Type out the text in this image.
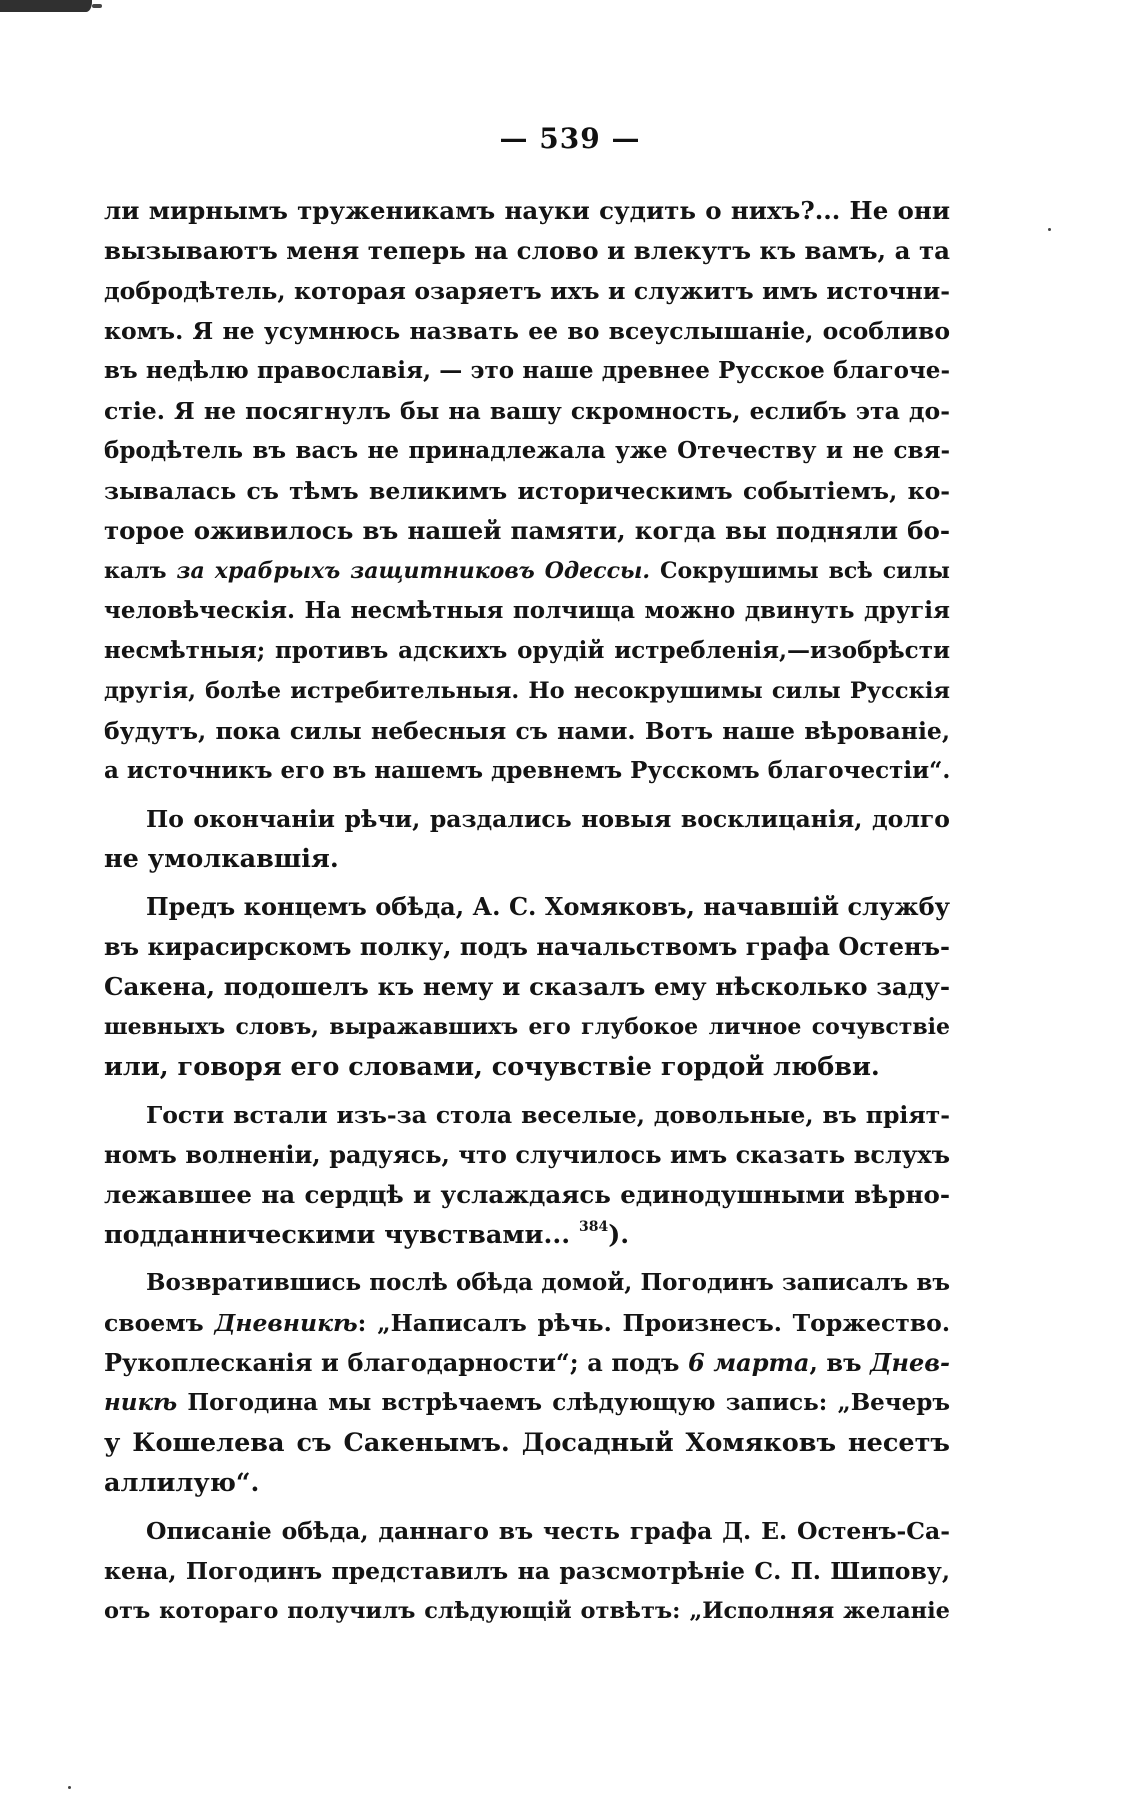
— 539 —
ли мирнымъ труженикамъ науки судить о нихъ?... Не они
вызываютъ меня теперь на слово и влекутъ къ вамъ, а та
добродѣтель, которая озаряетъ ихъ и служитъ имъ источни-
комъ. Я не усумнюсь назвать ее во всеуслышаніе, особливо
въ недѣлю православія, — это наше древнее Русское благоче-
стіе. Я не посягнулъ бы на вашу скромность, еслибъ эта до-
бродѣтель въ васъ не принадлежала уже Отечеству и не свя-
зывалась съ тѣмъ великимъ историческимъ событіемъ, ко-
торое оживилось въ нашей памяти, когда вы подняли бо-
калъ за храбрыхъ защитниковъ Одессы. Сокрушимы всѣ силы
человѣческія. На несмѣтныя полчища можно двинуть другія
несмѣтныя; противъ адскихъ орудій истребленія,—изобрѣсти
другія, болѣе истребительныя. Но несокрушимы силы Русскія
будутъ, пока силы небесныя съ нами. Вотъ наше вѣрованіе,
а источникъ его въ нашемъ древнемъ Русскомъ благочестіи“.
По окончаніи рѣчи, раздались новыя восклицанія, долго
не умолкавшія.
Предъ концемъ обѣда, А. С. Хомяковъ, начавшій службу
въ кирасирскомъ полку, подъ начальствомъ графа Остенъ-
Сакена, подошелъ къ нему и сказалъ ему нѣсколько заду-
шевныхъ словъ, выражавшихъ его глубокое личное сочувствіе
или, говоря его словами, сочувствіе гордой любви.
Гости встали изъ-за стола веселые, довольные, въ пріят-
номъ волненіи, радуясь, что случилось имъ сказать вслухъ
лежавшее на сердцѣ и услаждаясь единодушными вѣрно-
подданническими чувствами... $^{384}$).
Возвратившись послѣ обѣда домой, Погодинъ записалъ въ
своемъ Дневникѣ: „Написалъ рѣчь. Произнесъ. Торжество.
Рукоплесканія и благодарности“; а подъ 6 марта, въ Днев-
никѣ Погодина мы встрѣчаемъ слѣдующую запись: „Вечеръ
у Кошелева съ Сакенымъ. Досадный Хомяковъ несетъ
аллилую“.
Описаніе обѣда, даннаго въ честь графа Д. Е. Остенъ-Са-
кена, Погодинъ представилъ на разсмотрѣніе С. П. Шипову,
отъ котораго получилъ слѣдующій отвѣтъ: „Исполняя желаніе
